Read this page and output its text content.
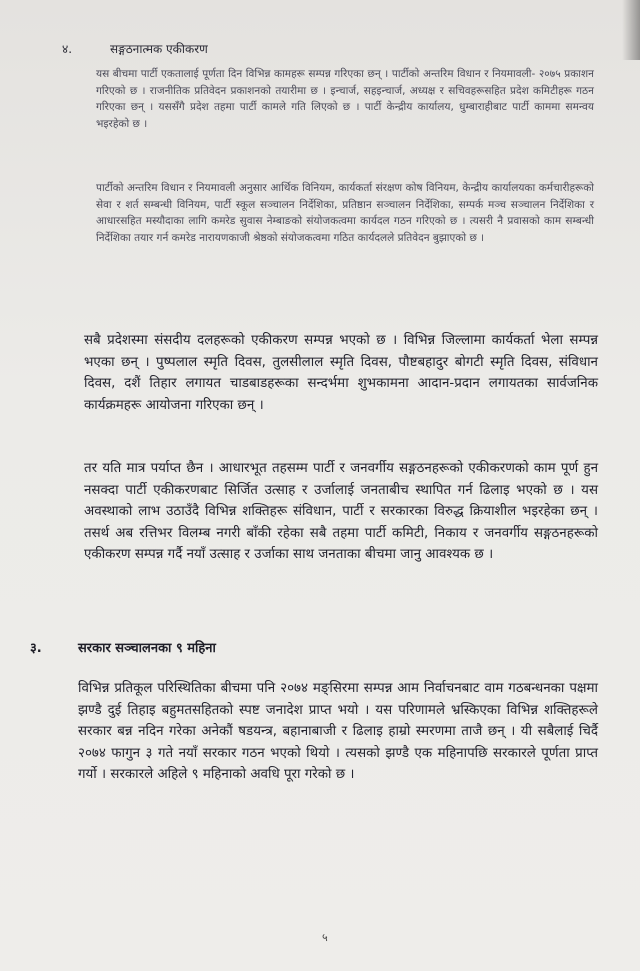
४.	सङ्गठनात्मक एकीकरण

यस बीचमा पार्टी एकतालाई पूर्णता दिन विभिन्न कामहरू सम्पन्न गरिएका छन् । पार्टीको अन्तरिम विधान र नियमावली- २०७५ प्रकाशन गरिएको छ । राजनीतिक प्रतिवेदन प्रकाशनको तयारीमा छ । इन्चार्ज, सहइन्चार्ज, अध्यक्ष र सचिवहरूसहित प्रदेश कमिटीहरू गठन गरिएका छन् । यससँगै प्रदेश तहमा पार्टी कामले गति लिएको छ । पार्टी केन्द्रीय कार्यालय, धुम्बाराहीबाट पार्टी काममा समन्वय भइरहेको छ ।

पार्टीको अन्तरिम विधान र नियमावली अनुसार आर्थिक विनियम, कार्यकर्ता संरक्षण कोष विनियम, केन्द्रीय कार्यालयका कर्मचारीहरूको सेवा र शर्त सम्बन्धी विनियम, पार्टी स्कूल सञ्चालन निर्देशिका, प्रतिष्ठान सञ्चालन निर्देशिका, सम्पर्क मञ्च सञ्चालन निर्देशिका र आधारसहित मस्यौदाका लागि कमरेड सुवास नेम्बाङको संयोजकत्वमा कार्यदल गठन गरिएको छ । त्यसरी नै प्रवासको काम सम्बन्धी निर्देशिका तयार गर्न कमरेड नारायणकाजी श्रेष्ठको संयोजकत्वमा गठित कार्यदलले प्रतिवेदन बुझाएको छ ।

सबै प्रदेशस्मा संसदीय दलहरूको एकीकरण सम्पन्न भएको छ । विभिन्न जिल्लामा कार्यकर्ता भेला सम्पन्न भएका छन् । पुष्पलाल स्मृति दिवस, तुलसीलाल स्मृति दिवस, पौष्टबहादुर बोगटी स्मृति दिवस, संविधान दिवस, दशैं तिहार लगायत चाडबाडहरूका सन्दर्भमा शुभकामना आदान-प्रदान लगायतका सार्वजनिक कार्यक्रमहरू आयोजना गरिएका छन् ।

तर यति मात्र पर्याप्त छैन । आधारभूत तहसम्म पार्टी र जनवर्गीय सङ्गठनहरूको एकीकरणको काम पूर्ण हुन नसक्दा पार्टी एकीकरणबाट सिर्जित उत्साह र उर्जालाई जनताबीच स्थापित गर्न ढिलाइ भएको छ । यस अवस्थाको लाभ उठाउँदै विभिन्न शक्तिहरू संविधान, पार्टी र सरकारका विरुद्ध क्रियाशील भइरहेका छन् । तसर्थ अब रत्तिभर विलम्ब नगरी बाँकी रहेका सबै तहमा पार्टी कमिटी, निकाय र जनवर्गीय सङ्गठनहरूको एकीकरण सम्पन्न गर्दै नयाँ उत्साह र उर्जाका साथ जनताका बीचमा जानु आवश्यक छ ।

३.	सरकार सञ्चालनका ९ महिना

विभिन्न प्रतिकूल परिस्थितिका बीचमा पनि २०७४ मङ्सिरमा सम्पन्न आम निर्वाचनबाट वाम गठबन्धनका पक्षमा झण्डै दुई तिहाइ बहुमतसहितको स्पष्ट जनादेश प्राप्त भयो । यस परिणामले भ्रस्किएका विभिन्न शक्तिहरूले सरकार बन्न नदिन गरेका अनेकौं षडयन्त्र, बहानाबाजी र ढिलाइ हाम्रो स्मरणमा ताजै छन् । यी सबैलाई चिर्दै २०७४ फागुन ३ गते नयाँ सरकार गठन भएको थियो । त्यसको झण्डै एक महिनापछि सरकारले पूर्णता प्राप्त गर्यो । सरकारले अहिले ९ महिनाको अवधि पूरा गरेको छ ।

५
